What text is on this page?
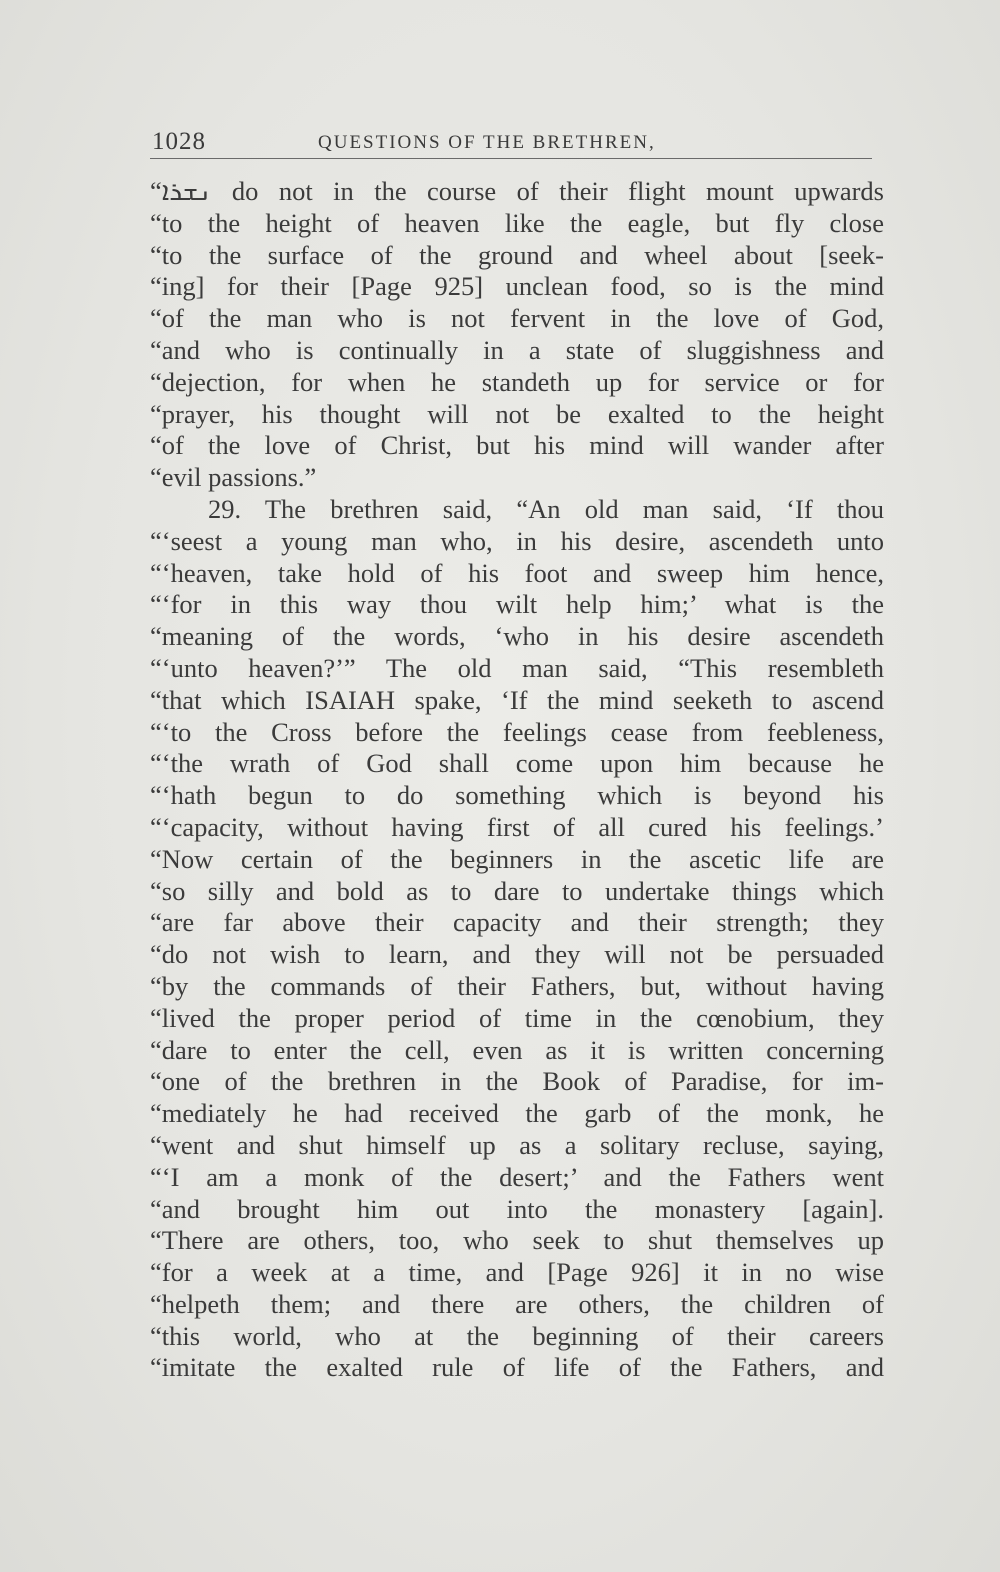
1028	QUESTIONS OF THE BRETHREN,
“ܢܫܪܐ do not in the course of their flight mount upwards
“to the height of heaven like the eagle, but fly close
“to the surface of the ground and wheel about [seek-
“ing] for their [Page 925] unclean food, so is the mind
“of the man who is not fervent in the love of God,
“and who is continually in a state of sluggishness and
“dejection, for when he standeth up for service or for
“prayer, his thought will not be exalted to the height
“of the love of Christ, but his mind will wander after
“evil passions.”
29. The brethren said, “An old man said, ‘If thou
“‘seest a young man who, in his desire, ascendeth unto
“‘heaven, take hold of his foot and sweep him hence,
“‘for in this way thou wilt help him;’ what is the
“meaning of the words, ‘who in his desire ascendeth
“‘unto heaven?’” The old man said, “This resembleth
“that which ISAIAH spake, ‘If the mind seeketh to ascend
“‘to the Cross before the feelings cease from feebleness,
“‘the wrath of God shall come upon him because he
“‘hath begun to do something which is beyond his
“‘capacity, without having first of all cured his feelings.’
“Now certain of the beginners in the ascetic life are
“so silly and bold as to dare to undertake things which
“are far above their capacity and their strength; they
“do not wish to learn, and they will not be persuaded
“by the commands of their Fathers, but, without having
“lived the proper period of time in the cœnobium, they
“dare to enter the cell, even as it is written concerning
“one of the brethren in the Book of Paradise, for im-
“mediately he had received the garb of the monk, he
“went and shut himself up as a solitary recluse, saying,
“‘I am a monk of the desert;’ and the Fathers went
“and brought him out into the monastery [again].
“There are others, too, who seek to shut themselves up
“for a week at a time, and [Page 926] it in no wise
“helpeth them; and there are others, the children of
“this world, who at the beginning of their careers
“imitate the exalted rule of life of the Fathers, and
